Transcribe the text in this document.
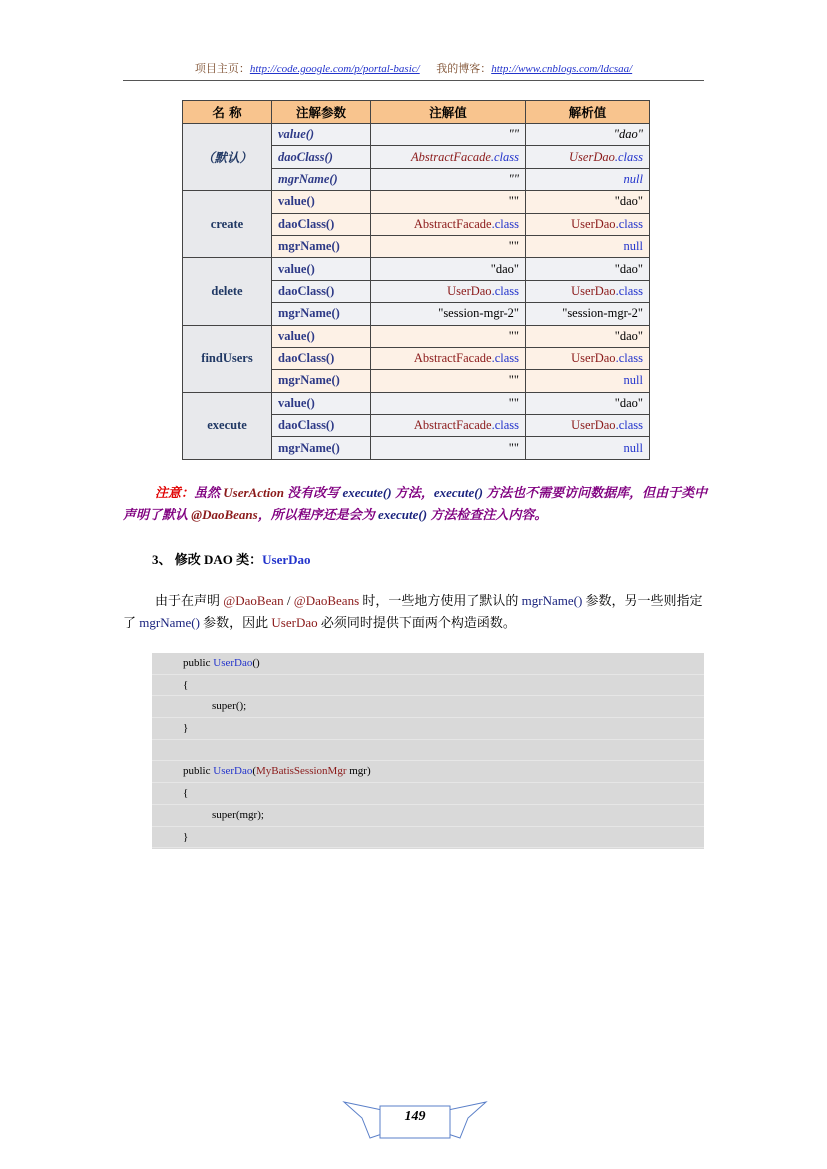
项目主页：http://code.google.com/p/portal-basic/ 我的博客：http://www.cnblogs.com/ldcsaa/
名 称	注解参数	注解值	解析值
（默认）	value()	""	"dao"
	daoClass()	AbstractFacade.class	UserDao.class
	mgrName()	""	null
create	value()	""	"dao"
	daoClass()	AbstractFacade.class	UserDao.class
	mgrName()	""	null
delete	value()	"dao"	"dao"
	daoClass()	UserDao.class	UserDao.class
	mgrName()	"session-mgr-2"	"session-mgr-2"
findUsers	value()	""	"dao"
	daoClass()	AbstractFacade.class	UserDao.class
	mgrName()	""	null
execute	value()	""	"dao"
	daoClass()	AbstractFacade.class	UserDao.class
	mgrName()	""	null
注意：虽然 UserAction 没有改写 execute() 方法，execute() 方法也不需要访问数据库，但由于类中声明了默认 @DaoBeans，所以程序还是会为 execute() 方法检查注入内容。
3、 修改 DAO 类：UserDao
由于在声明 @DaoBean / @DaoBeans 时，一些地方使用了默认的 mgrName() 参数，另一些则指定了 mgrName() 参数，因此 UserDao 必须同时提供下面两个构造函数。
public UserDao()
{
super();
}
public UserDao(MyBatisSessionMgr mgr)
{
super(mgr);
}
149
